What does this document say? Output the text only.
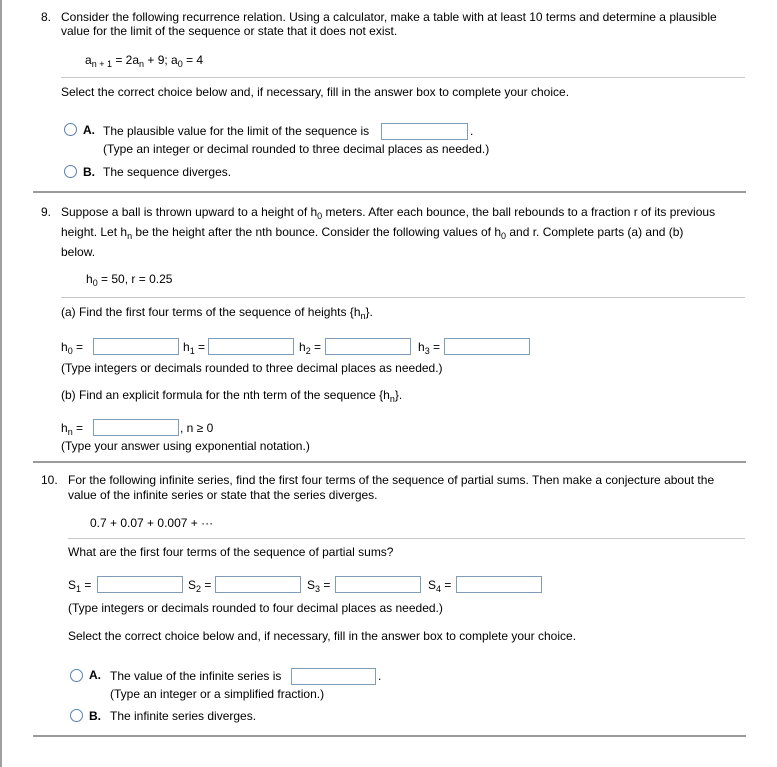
8. Consider the following recurrence relation. Using a calculator, make a table with at least 10 terms and determine a plausible
value for the limit of the sequence or state that it does not exist.
$a_{n + 1} = 2a_n + 9$; $a_0 = 4$
Select the correct choice below and, if necessary, fill in the answer box to complete your choice.
A. The plausible value for the limit of the sequence is	.
(Type an integer or decimal rounded to three decimal places as needed.)
B. The sequence diverges.
9. Suppose a ball is thrown upward to a height of $h_0$ meters. After each bounce, the ball rebounds to a fraction r of its previous
height. Let $h_n$ be the height after the nth bounce. Consider the following values of $h_0$ and r. Complete parts (a) and (b)
below.
$h_0 = 50$, r = 0.25
(a) Find the first four terms of the sequence of heights $\{h_n\}$.
$h_0$ =	$h_1$ =	$h_2$ =	$h_3$ =
(Type integers or decimals rounded to three decimal places as needed.)
(b) Find an explicit formula for the nth term of the sequence $\{h_n\}$.
$h_n$ =	, n ≥ 0
(Type your answer using exponential notation.)
10. For the following infinite series, find the first four terms of the sequence of partial sums. Then make a conjecture about the
value of the infinite series or state that the series diverges.
0.7 + 0.07 + 0.007 + ···
What are the first four terms of the sequence of partial sums?
$S_1$ =	$S_2$ =	$S_3$ =	$S_4$ =
(Type integers or decimals rounded to four decimal places as needed.)
Select the correct choice below and, if necessary, fill in the answer box to complete your choice.
A. The value of the infinite series is	.
(Type an integer or a simplified fraction.)
B. The infinite series diverges.
